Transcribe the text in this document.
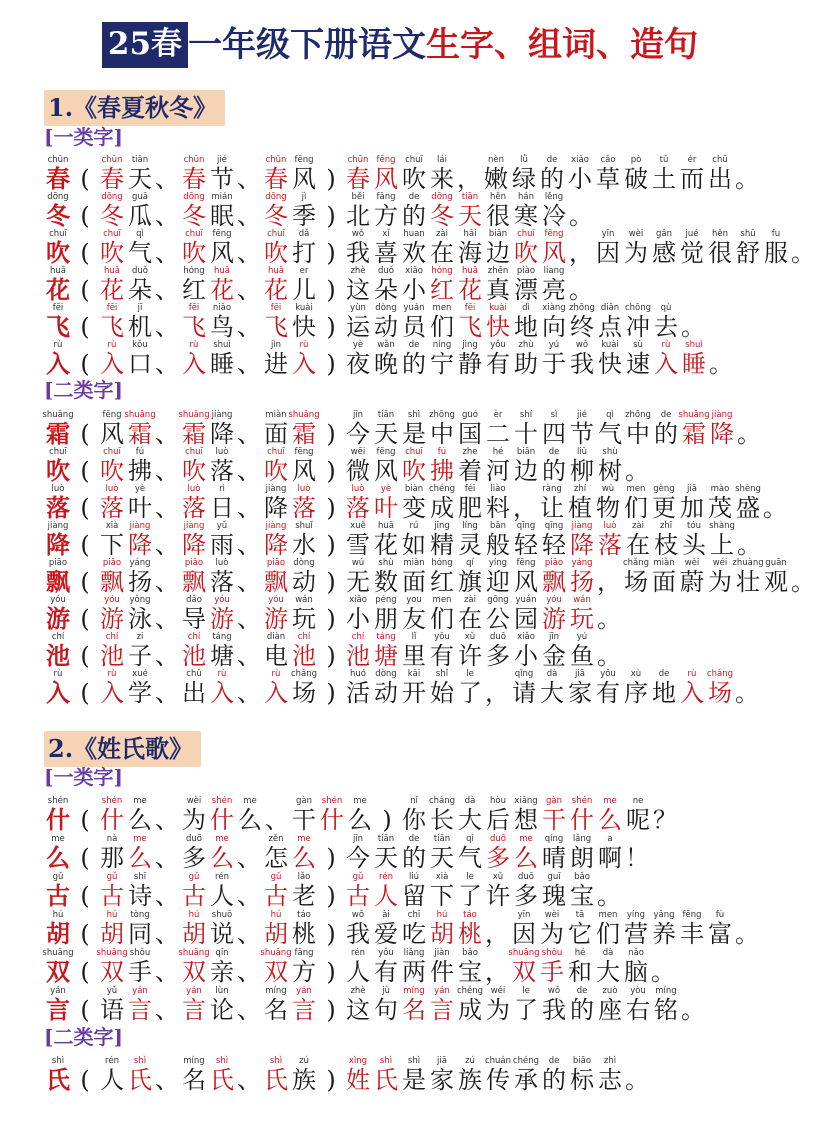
25春 一年级下册语文生字、组词、造句
1.《春夏秋冬》
[一类字]
chūn
春 (
chūn
春
tiān
天 、
chūn
春
jié
节 、
chūn
春
fēng
风 )
chūn
春
fēng
风
chuī
吹
lái
来 ，
nèn
嫩
lǜ
绿
de
的
xiǎo
小
cǎo
草
pò
破
tǔ
土
ér
而
chū
出 。
dōng
冬 (
dōng
冬
guā
瓜 、
dōng
冬
mián
眠 、
dōng
冬
jì
季 )
běi
北
fāng
方
de
的
dōng
冬
tiān
天
hěn
很
hán
寒
lěng
冷 。
chuī
吹 (
chuī
吹
qì
气 、
chuī
吹
fēng
风 、
chuī
吹
dǎ
打 )
wǒ
我
xǐ
喜
huan
欢
zài
在
hǎi
海
biān
边
chuī
吹
fēng
风 ，
yīn
因
wèi
为
gǎn
感
jué
觉
hěn
很
shū
舒
fu
服 。
huā
花 (
huā
花
duǒ
朵 、
hóng
红
huā
花 、
huā
花
er
儿 )
zhè
这
duǒ
朵
xiǎo
小
hóng
红
huā
花
zhēn
真
piào
漂
liang
亮 。
fēi
飞 (
fēi
飞
jī
机 、
fēi
飞
niǎo
鸟 、
fēi
飞
kuài
快 )
yùn
运
dòng
动
yuán
员
men
们
fēi
飞
kuài
快
dì
地
xiàng
向
zhōng
终
diǎn
点
chōng
冲
qù
去 。
rù
入 (
rù
入
kǒu
口 、
rù
入
shuì
睡 、
jìn
进
rù
入 )
yè
夜
wǎn
晚
de
的
níng
宁
jìng
静
yǒu
有
zhù
助
yú
于
wǒ
我
kuài
快
sù
速
rù
入
shuì
睡 。
[二类字]
shuāng
霜 (
fēng
风
shuāng
霜 、
shuāng
霜
jiàng
降 、
miàn
面
shuāng
霜 )
jīn
今
tiān
天
shì
是
zhōng
中
guó
国
èr
二
shí
十
sì
四
jié
节
qì
气
zhōng
中
de
的
shuāng
霜
jiàng
降 。
chuī
吹 (
chuī
吹
fú
拂 、
chuī
吹
luò
落 、
chuī
吹
fēng
风 )
wēi
微
fēng
风
chuī
吹
fú
拂
zhe
着
hé
河
biān
边
de
的
liǔ
柳
shù
树 。
luò
落 (
luò
落
yè
叶 、
luò
落
rì
日 、
jiàng
降
luò
落 )
luò
落
yè
叶
biàn
变
chéng
成
féi
肥
liào
料 ，
ràng
让
zhí
植
wù
物
men
们
gèng
更
jiā
加
mào
茂
shèng
盛 。
jiàng
降 (
xià
下
jiàng
降 、
jiàng
降
yǔ
雨 、
jiàng
降
shuǐ
水 )
xuě
雪
huā
花
rú
如
jīng
精
líng
灵
bān
般
qīng
轻
qīng
轻
jiàng
降
luò
落
zài
在
zhī
枝
tóu
头
shàng
上 。
piāo
飘 (
piāo
飘
yáng
扬 、
piāo
飘
luò
落 、
piāo
飘
dòng
动 )
wú
无
shù
数
miàn
面
hóng
红
qí
旗
yíng
迎
fēng
风
piāo
飘
yáng
扬 ，
chǎng
场
miàn
面
wèi
蔚
wéi
为
zhuàng
壮
guān
观 。
yóu
游 (
yóu
游
yǒng
泳 、
dǎo
导
yóu
游 、
yóu
游
wán
玩 )
xiǎo
小
péng
朋
you
友
men
们
zài
在
gōng
公
yuán
园
yóu
游
wán
玩 。
chí
池 (
chí
池
zi
子 、
chí
池
táng
塘 、
diàn
电
chí
池 )
chí
池
táng
塘
lǐ
里
yǒu
有
xǔ
许
duō
多
xiǎo
小
jīn
金
yú
鱼 。
rù
入 (
rù
入
xué
学 、
chū
出
rù
入 、
rù
入
chǎng
场 )
huó
活
dòng
动
kāi
开
shǐ
始
le
了 ，
qǐng
请
dà
大
jiā
家
yǒu
有
xù
序
de
地
rù
入
chǎng
场 。
2.《姓氏歌》
[一类字]
shén
什 (
shén
什
me
么 、
wèi
为
shén
什
me
么 、
gàn
干
shén
什
me
么 )
nǐ
你
cháng
长
dà
大
hòu
后
xiǎng
想
gàn
干
shén
什
me
么
ne
呢 ？
me
么 (
nà
那
me
么 、
duō
多
me
么 、
zěn
怎
me
么 )
jīn
今
tiān
天
de
的
tiān
天
qì
气
duō
多
me
么
qíng
晴
lǎng
朗
a
啊 ！
gǔ
古 (
gǔ
古
shī
诗 、
gǔ
古
rén
人 、
gǔ
古
lǎo
老 )
gǔ
古
rén
人
liú
留
xià
下
le
了
xǔ
许
duō
多
guī
瑰
bǎo
宝 。
hú
胡 (
hú
胡
tòng
同 、
hú
胡
shuō
说 、
hú
胡
táo
桃 )
wǒ
我
ài
爱
chī
吃
hú
胡
táo
桃 ，
yīn
因
wèi
为
tā
它
men
们
yíng
营
yǎng
养
fēng
丰
fù
富 。
shuāng
双 (
shuāng
双
shǒu
手 、
shuāng
双
qīn
亲 、
shuāng
双
fāng
方 )
rén
人
yǒu
有
liǎng
两
jiàn
件
bǎo
宝 ，
shuāng
双
shǒu
手
hé
和
dà
大
nǎo
脑 。
yán
言 (
yǔ
语
yán
言 、
yán
言
lùn
论 、
míng
名
yán
言 )
zhè
这
jù
句
míng
名
yán
言
chéng
成
wéi
为
le
了
wǒ
我
de
的
zuò
座
yòu
右
míng
铭 。
[二类字]
shì
氏 (
rén
人
shì
氏 、
míng
名
shì
氏 、
shì
氏
zú
族 )
xìng
姓
shì
氏
shì
是
jiā
家
zú
族
chuán
传
chéng
承
de
的
biāo
标
zhì
志 。
